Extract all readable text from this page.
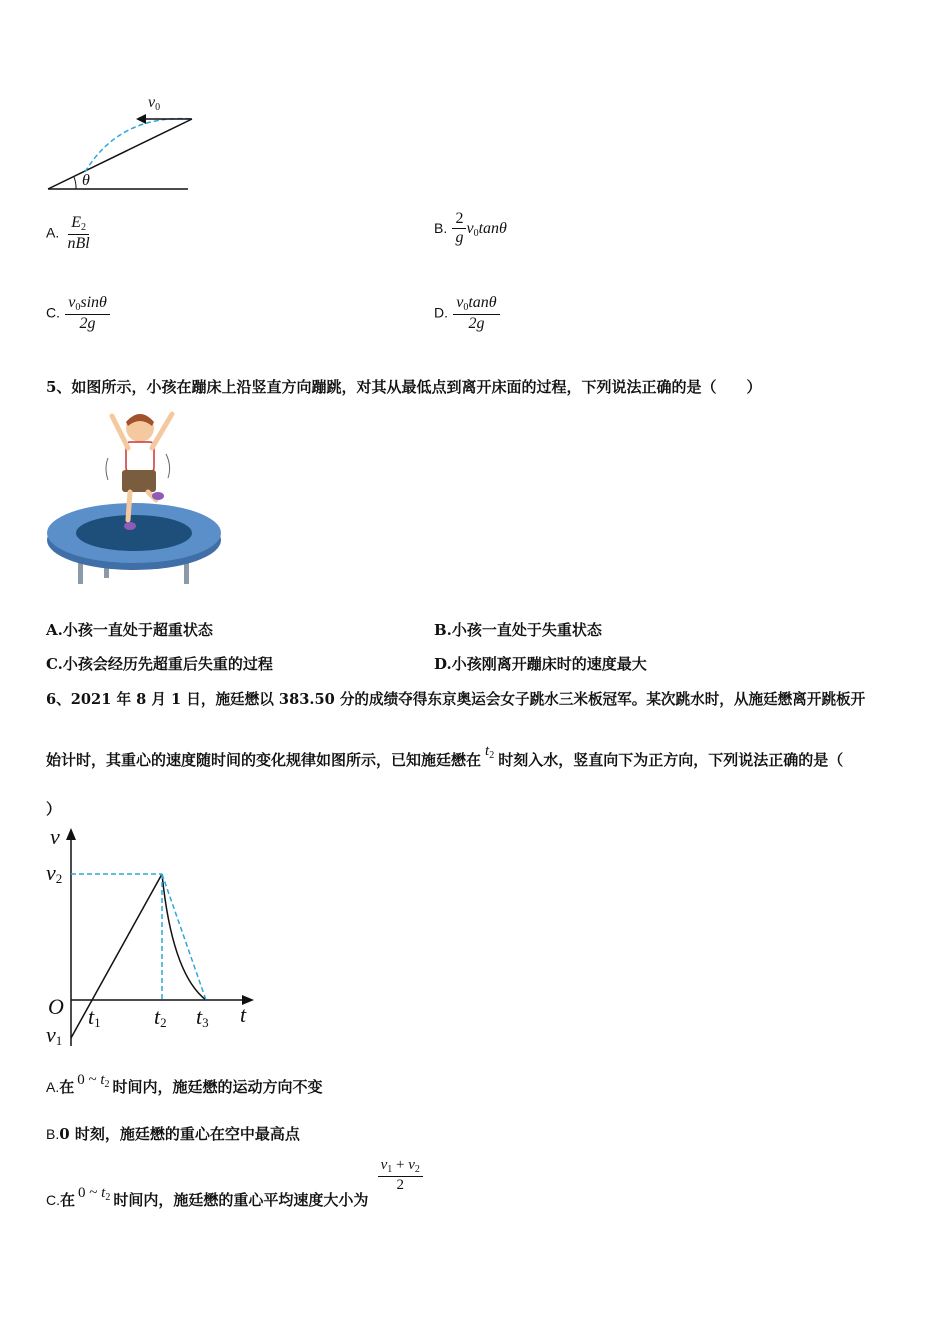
$v_0$
θ
A. $\frac{E_2}{\text{nBl}}$	B. $\frac{2}{g} v_0\tan\theta$
C. $\frac{v_0\sin\theta}{2g}$	D. $\frac{v_0\tan\theta}{2g}$
5、如图所示，小孩在蹦床上沿竖直方向蹦跳，对其从最低点到离开床面的过程，下列说法正确的是（　　）
A.小孩一直处于超重状态	B.小孩一直处于失重状态
C.小孩会经历先超重后失重的过程	D.小孩刚离开蹦床时的速度最大
6、2021 年 8 月 1 日，施廷懋以 383.50 分的成绩夺得东京奥运会女子跳水三米板冠军。某次跳水时，从施廷懋离开跳板开
始计时，其重心的速度随时间的变化规律如图所示，已知施廷懋在 $t_2$ 时刻入水，竖直向下为正方向，下列说法正确的是（
）
v
t
O
$v_2$
$v_1$
$t_1$ $t_2$ $t_3$
A.在 0 ~ $t_2$ 时间内，施廷懋的运动方向不变
B.0 时刻，施廷懋的重心在空中最高点
C.在 0 ~ $t_2$ 时间内，施廷懋的重心平均速度大小为
$\frac{v_1 + v_2}{2}$
